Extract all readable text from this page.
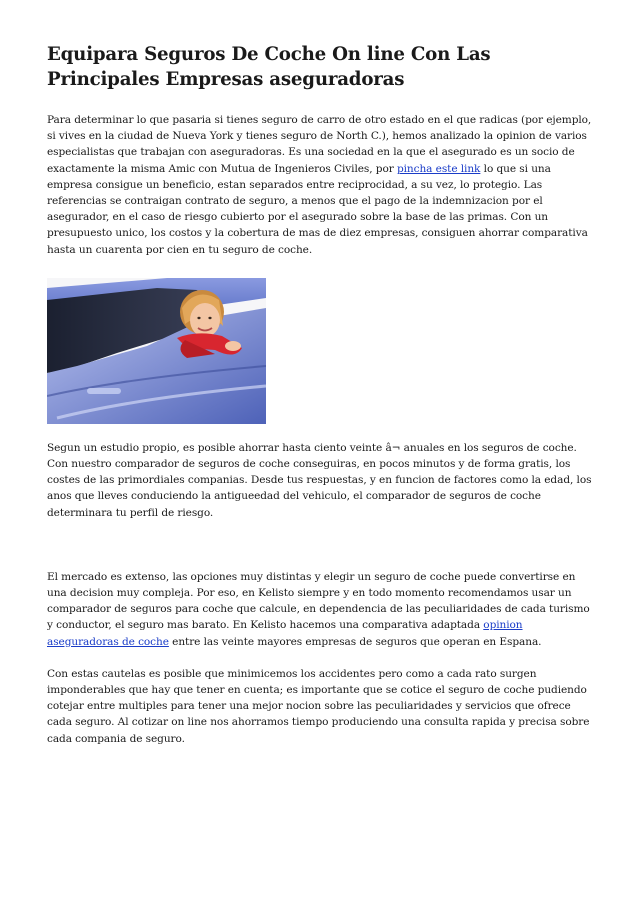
Equipara Seguros De Coche On line Con Las Principales Empresas aseguradoras

Para determinar lo que pasaria si tienes seguro de carro de otro estado en el que radicas (por ejemplo, si vives en la ciudad de Nueva York y tienes seguro de North C.), hemos analizado la opinion de varios especialistas que trabajan con aseguradoras. Es una sociedad en la que el asegurado es un socio de exactamente la misma Amic con Mutua de Ingenieros Civiles, por pincha este link lo que si una empresa consigue un beneficio, estan separados entre reciprocidad, a su vez, lo protegio. Las referencias se contraigan contrato de seguro, a menos que el pago de la indemnizacion por el asegurador, en el caso de riesgo cubierto por el asegurado sobre la base de las primas. Con un presupuesto unico, los costos y la cobertura de mas de diez empresas, consiguen ahorrar comparativa hasta un cuarenta por cien en tu seguro de coche.

Segun un estudio propio, es posible ahorrar hasta ciento veinte â¬ anuales en los seguros de coche. Con nuestro comparador de seguros de coche conseguiras, en pocos minutos y de forma gratis, los costes de las primordiales companias. Desde tus respuestas, y en funcion de factores como la edad, los anos que lleves conduciendo la antigueedad del vehiculo, el comparador de seguros de coche determinara tu perfil de riesgo.

El mercado es extenso, las opciones muy distintas y elegir un seguro de coche puede convertirse en una decision muy compleja. Por eso, en Kelisto siempre y en todo momento recomendamos usar un comparador de seguros para coche que calcule, en dependencia de las peculiaridades de cada turismo y conductor, el seguro mas barato. En Kelisto hacemos una comparativa adaptada opinion aseguradoras de coche entre las veinte mayores empresas de seguros que operan en Espana.

Con estas cautelas es posible que minimicemos los accidentes pero como a cada rato surgen imponderables que hay que tener en cuenta; es importante que se cotice el seguro de coche pudiendo cotejar entre multiples para tener una mejor nocion sobre las peculiaridades y servicios que ofrece cada seguro. Al cotizar on line nos ahorramos tiempo produciendo una consulta rapida y precisa sobre cada compania de seguro.
